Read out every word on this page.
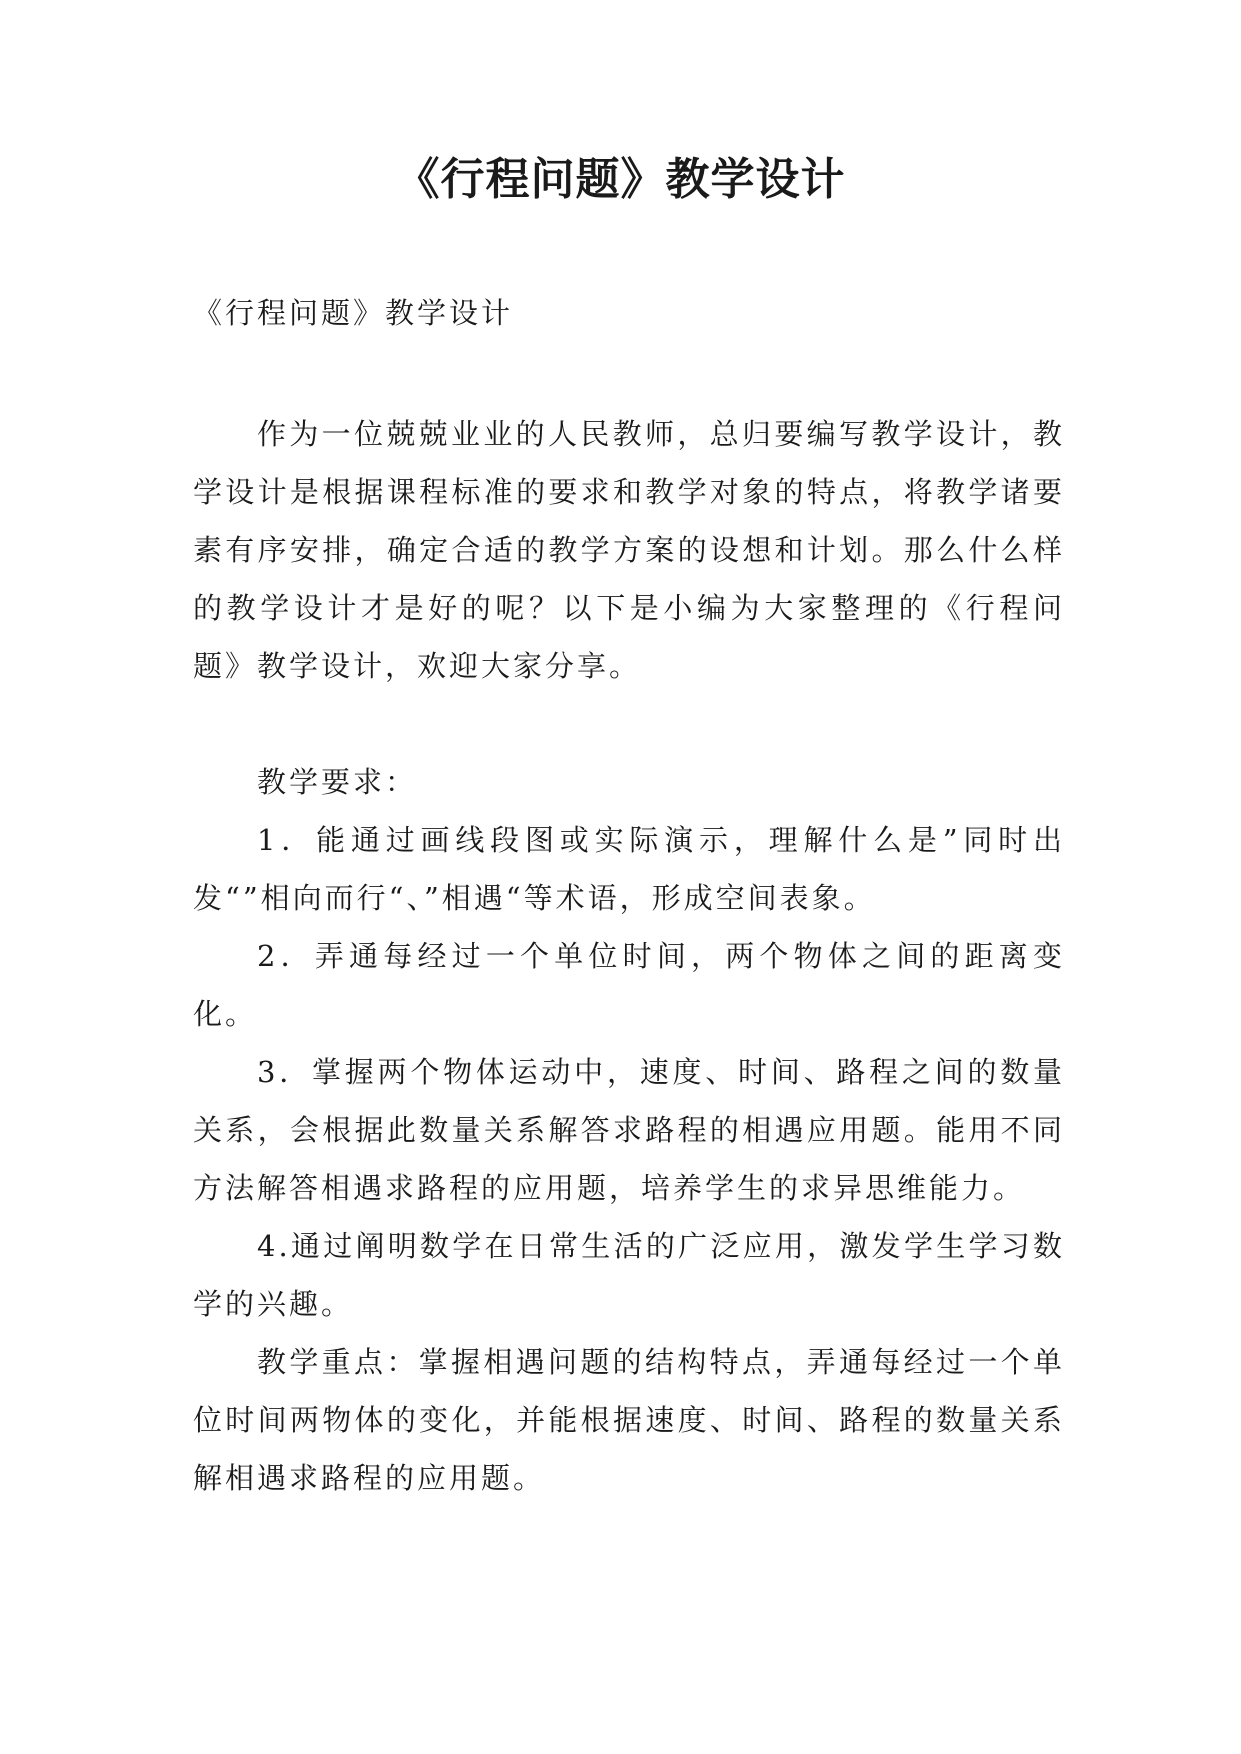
《行程问题》教学设计

《行程问题》教学设计

作为一位兢兢业业的人民教师，总归要编写教学设计，教学设计是根据课程标准的要求和教学对象的特点，将教学诸要素有序安排，确定合适的教学方案的设想和计划。那么什么样的教学设计才是好的呢？以下是小编为大家整理的《行程问题》教学设计，欢迎大家分享。

教学要求：

1．能通过画线段图或实际演示，理解什么是”同时出发“”相向而行“、”相遇“等术语，形成空间表象。

2．弄通每经过一个单位时间，两个物体之间的距离变化。

3．掌握两个物体运动中，速度、时间、路程之间的数量关系，会根据此数量关系解答求路程的相遇应用题。能用不同方法解答相遇求路程的应用题，培养学生的求异思维能力。

4.通过阐明数学在日常生活的广泛应用，激发学生学习数学的兴趣。

教学重点：掌握相遇问题的结构特点，弄通每经过一个单位时间两物体的变化，并能根据速度、时间、路程的数量关系解相遇求路程的应用题。
